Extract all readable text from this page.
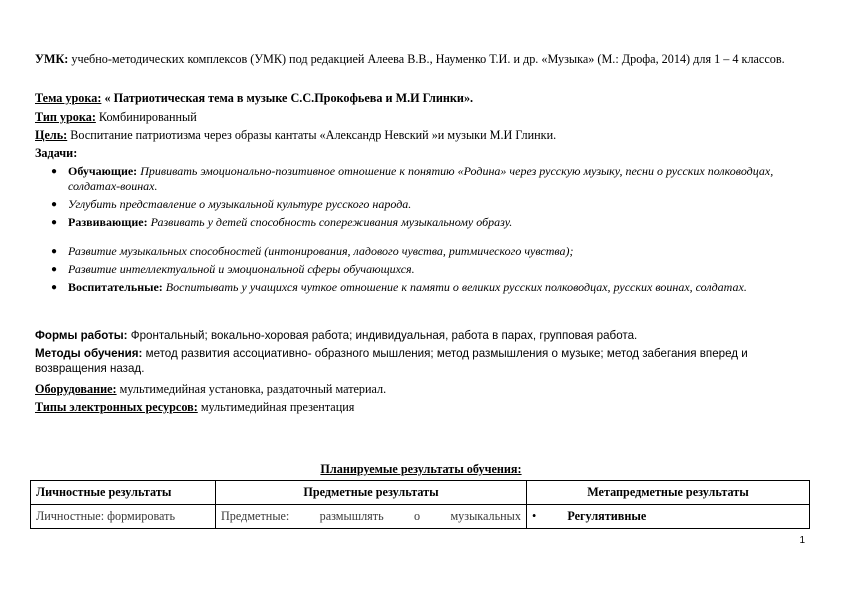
УМК: учебно-методических комплексов (УМК) под редакцией Алеева В.В., Науменко Т.И. и др. «Музыка» (М.: Дрофа, 2014) для 1 – 4 классов.
Тема урока: « Патриотическая тема в музыке С.С.Прокофьева и М.И Глинки».
Тип урока: Комбинированный
Цель: Воспитание патриотизма через образы кантаты «Александр Невский »и музыки М.И Глинки.
Задачи:
● Обучающие: Прививать эмоционально-позитивное отношение к понятию «Родина» через русскую музыку, песни о русских полководцах, солдатах-воинах.
● Углубить представление о музыкальной культуре русского народа.
● Развивающие: Развивать у детей способность сопереживания музыкальному образу.
● Развитие музыкальных способностей (интонирования, ладового чувства, ритмического чувства);
● Развитие интеллектуальной и эмоциональной сферы обучающихся.
● Воспитательные: Воспитывать у учащихся чуткое отношение к памяти о великих русских полководцах, русских воинах, солдатах.
Формы работы: Фронтальный; вокально-хоровая работа; индивидуальная, работа в парах, групповая работа.
Методы обучения: метод развития ассоциативно- образного мышления; метод размышления о музыке; метод забегания вперед и возвращения назад.
Оборудование: мультимедийная установка, раздаточный материал.
Типы электронных ресурсов: мультимедийная презентация
Планируемые результаты обучения:
Личностные результаты	Предметные результаты	Метапредметные результаты
Личностные: формировать	Предметные: размышлять о музыкальных	• Регулятивные
1
